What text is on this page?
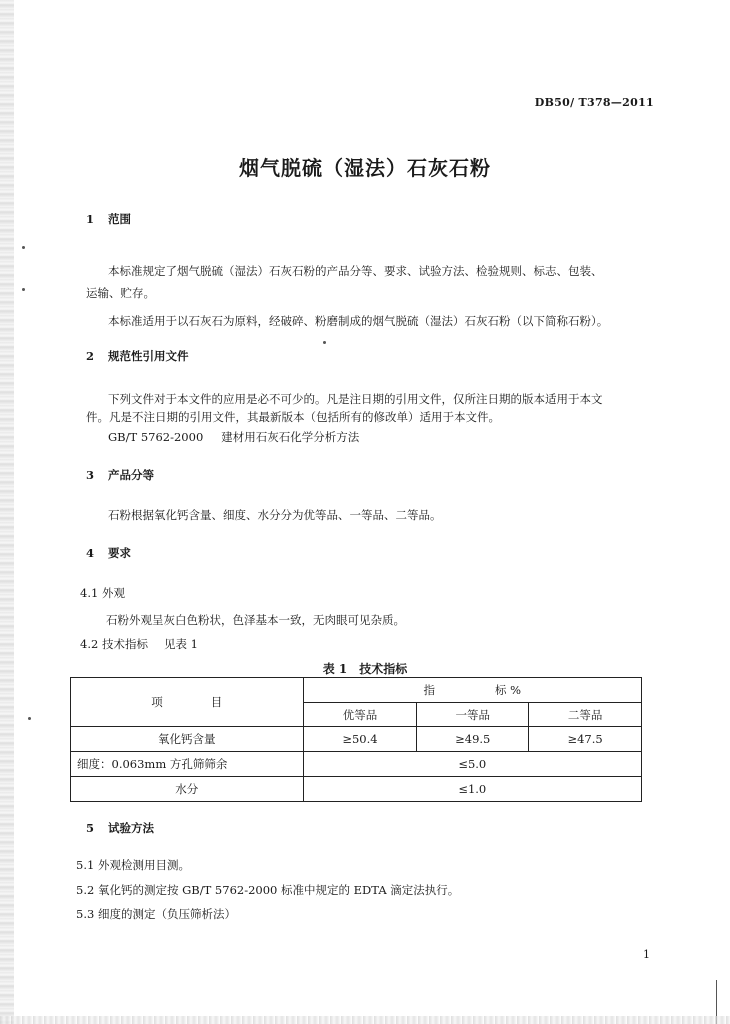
DB50/ T378—2011
烟气脱硫（湿法）石灰石粉
1 范围
本标准规定了烟气脱硫（湿法）石灰石粉的产品分等、要求、试验方法、检验规则、标志、包装、
运输、贮存。
本标准适用于以石灰石为原料，经破碎、粉磨制成的烟气脱硫（湿法）石灰石粉（以下简称石粉）。
2 规范性引用文件
下列文件对于本文件的应用是必不可少的。凡是注日期的引用文件，仅所注日期的版本适用于本文
件。凡是不注日期的引用文件，其最新版本（包括所有的修改单）适用于本文件。
GB/T 5762-2000 建材用石灰石化学分析方法
3 产品分等
石粉根据氧化钙含量、细度、水分分为优等品、一等品、二等品。
4 要求
4.1 外观
石粉外观呈灰白色粉状，色泽基本一致，无肉眼可见杂质。
4.2 技术指标 见表 1
表 1 技术指标
项 目	指 标 %		
	优等品	一等品	二等品
氧化钙含量	≥50.4	≥49.5	≥47.5
细度：0.063mm 方孔筛筛余	≤5.0		
水分	≤1.0		
5 试验方法
5.1 外观检测用目测。
5.2 氧化钙的测定按 GB/T 5762-2000 标准中规定的 EDTA 滴定法执行。
5.3 细度的测定（负压筛析法）
1
